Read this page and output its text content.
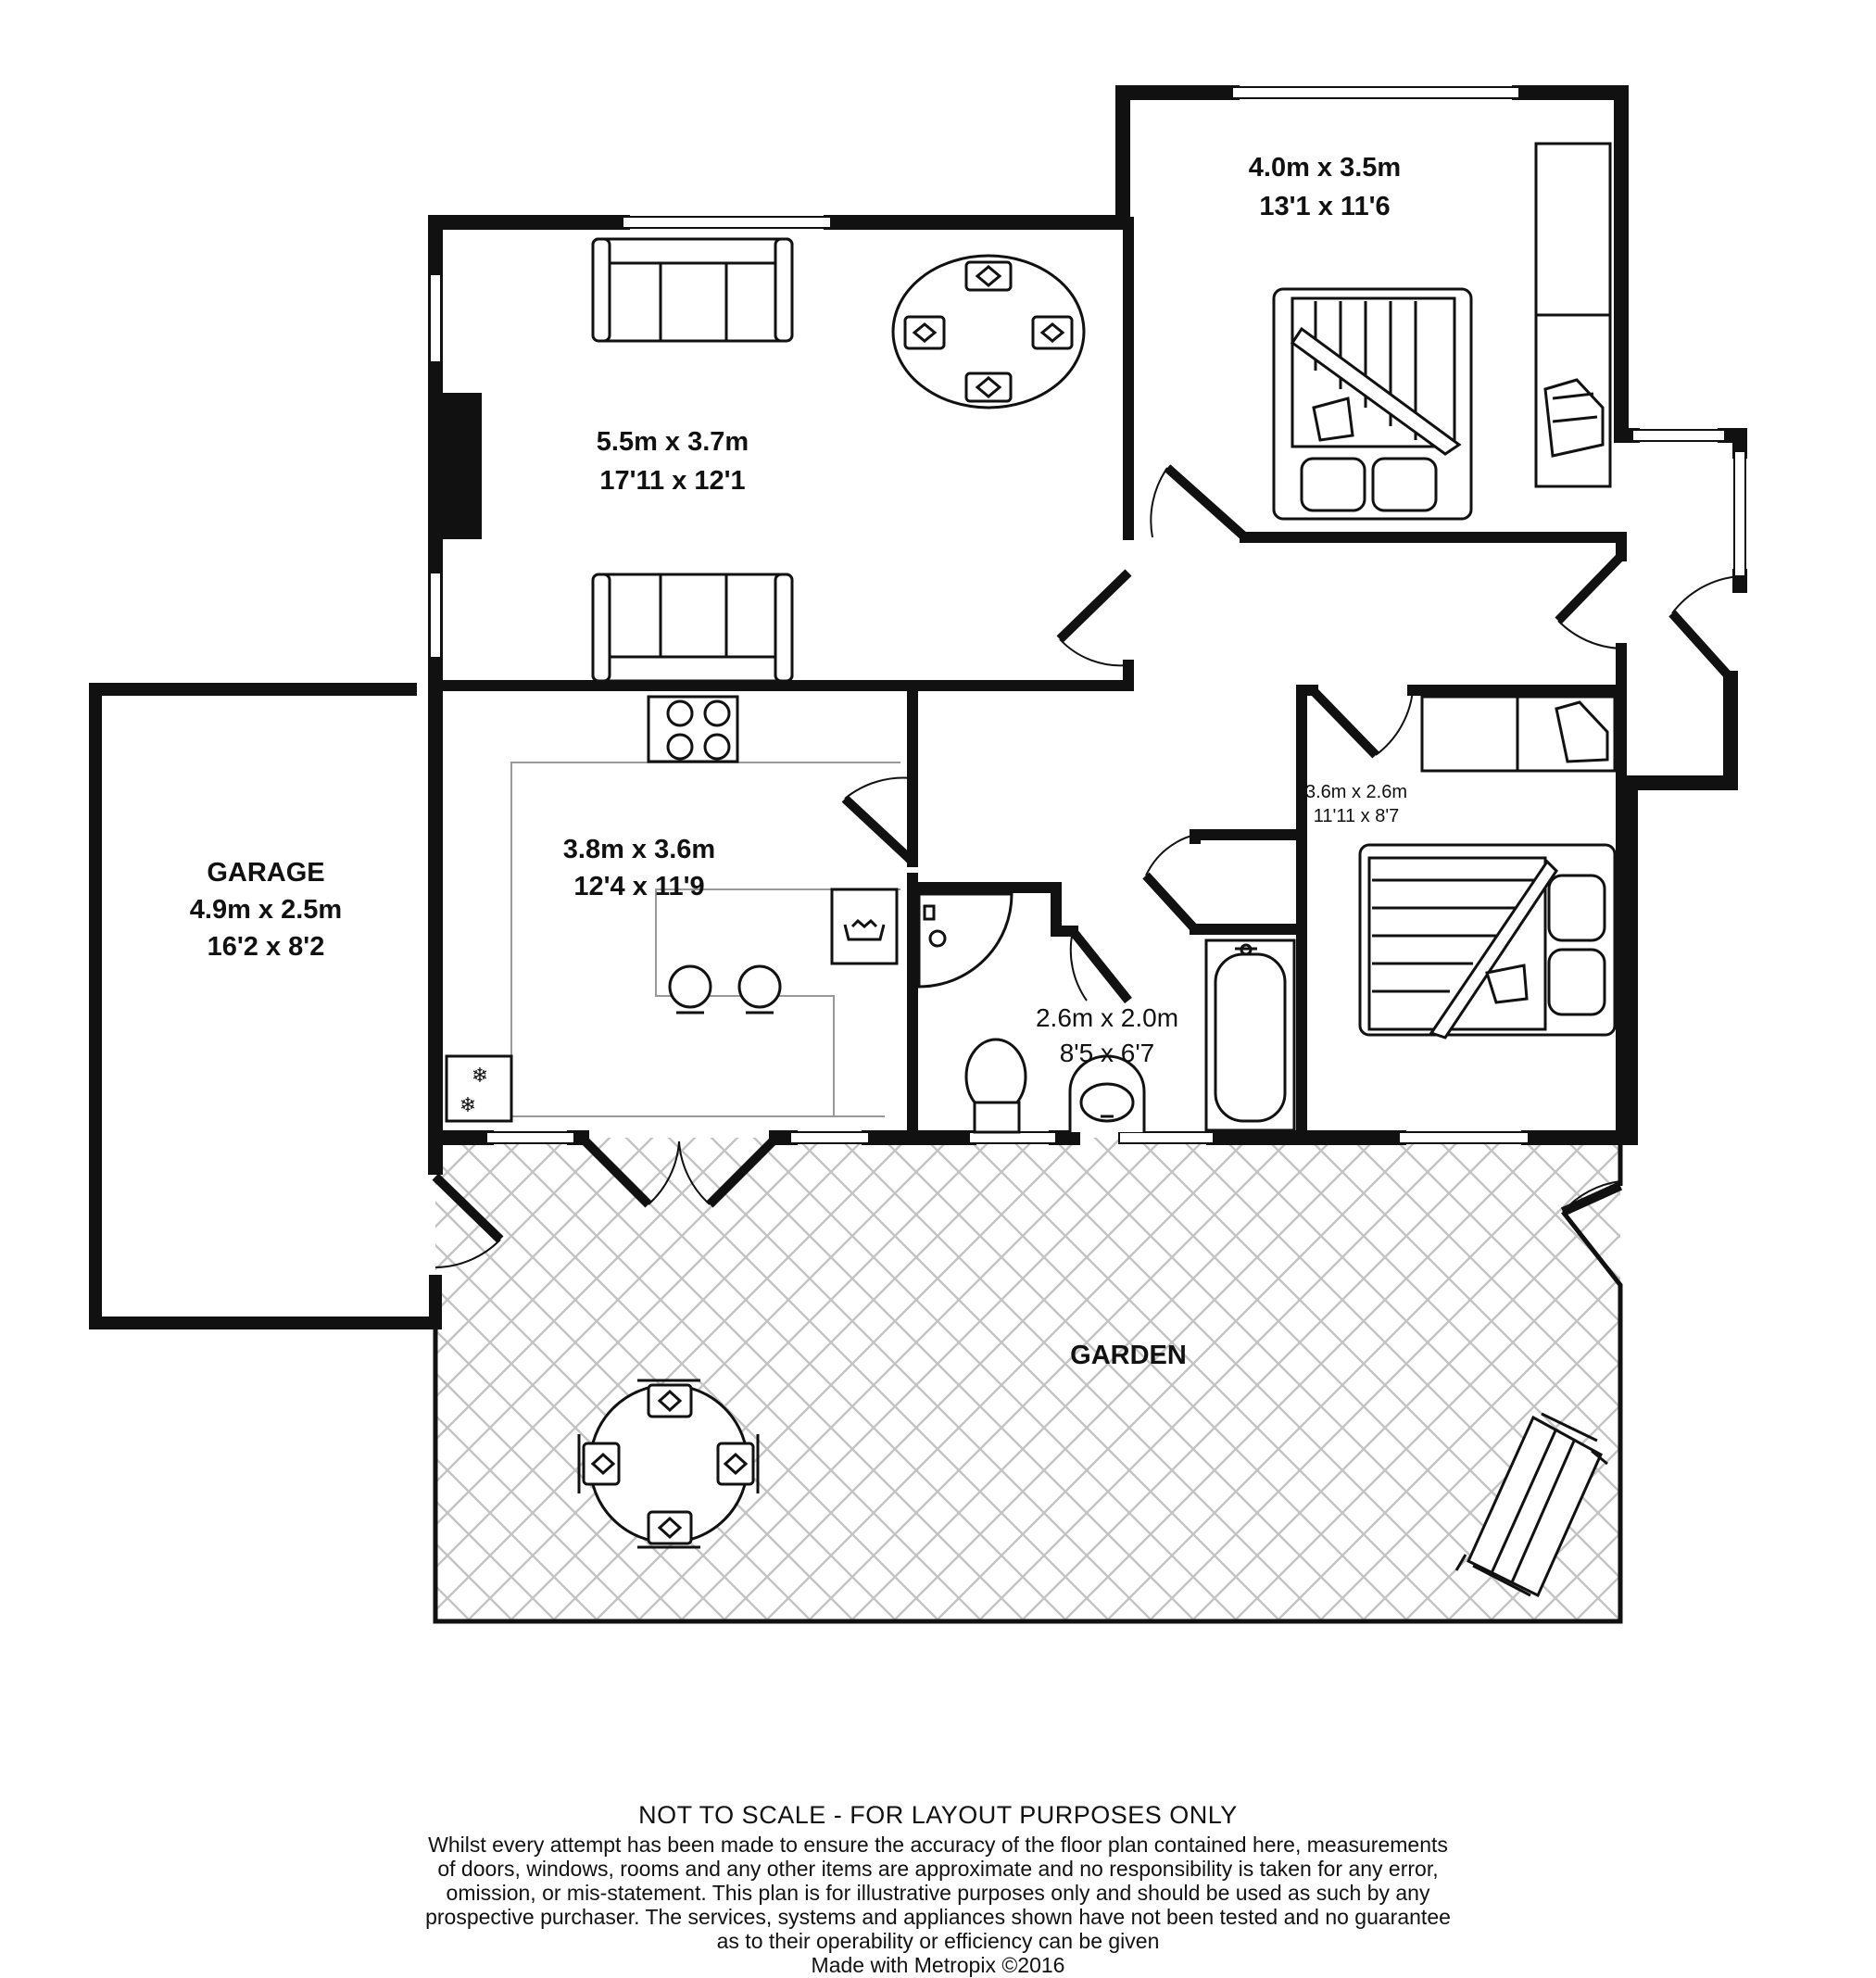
❄
❄
5.5m x 3.7m
17'11 x 12'1
4.0m x 3.5m
13'1 x 11'6
3.8m x 3.6m
12'4 x 11'9
3.6m x 2.6m
11'11 x 8'7
2.6m x 2.0m
8'5 x 6'7
GARAGE
4.9m x 2.5m
16'2 x 8'2
GARDEN
NOT TO SCALE - FOR LAYOUT PURPOSES ONLY
Whilst every attempt has been made to ensure the accuracy of the floor plan contained here, measurements
of doors, windows, rooms and any other items are approximate and no responsibility is taken for any error,
omission, or mis-statement. This plan is for illustrative purposes only and should be used as such by any
prospective purchaser. The services, systems and appliances shown have not been tested and no guarantee
as to their operability or efficiency can be given
Made with Metropix ©2016
